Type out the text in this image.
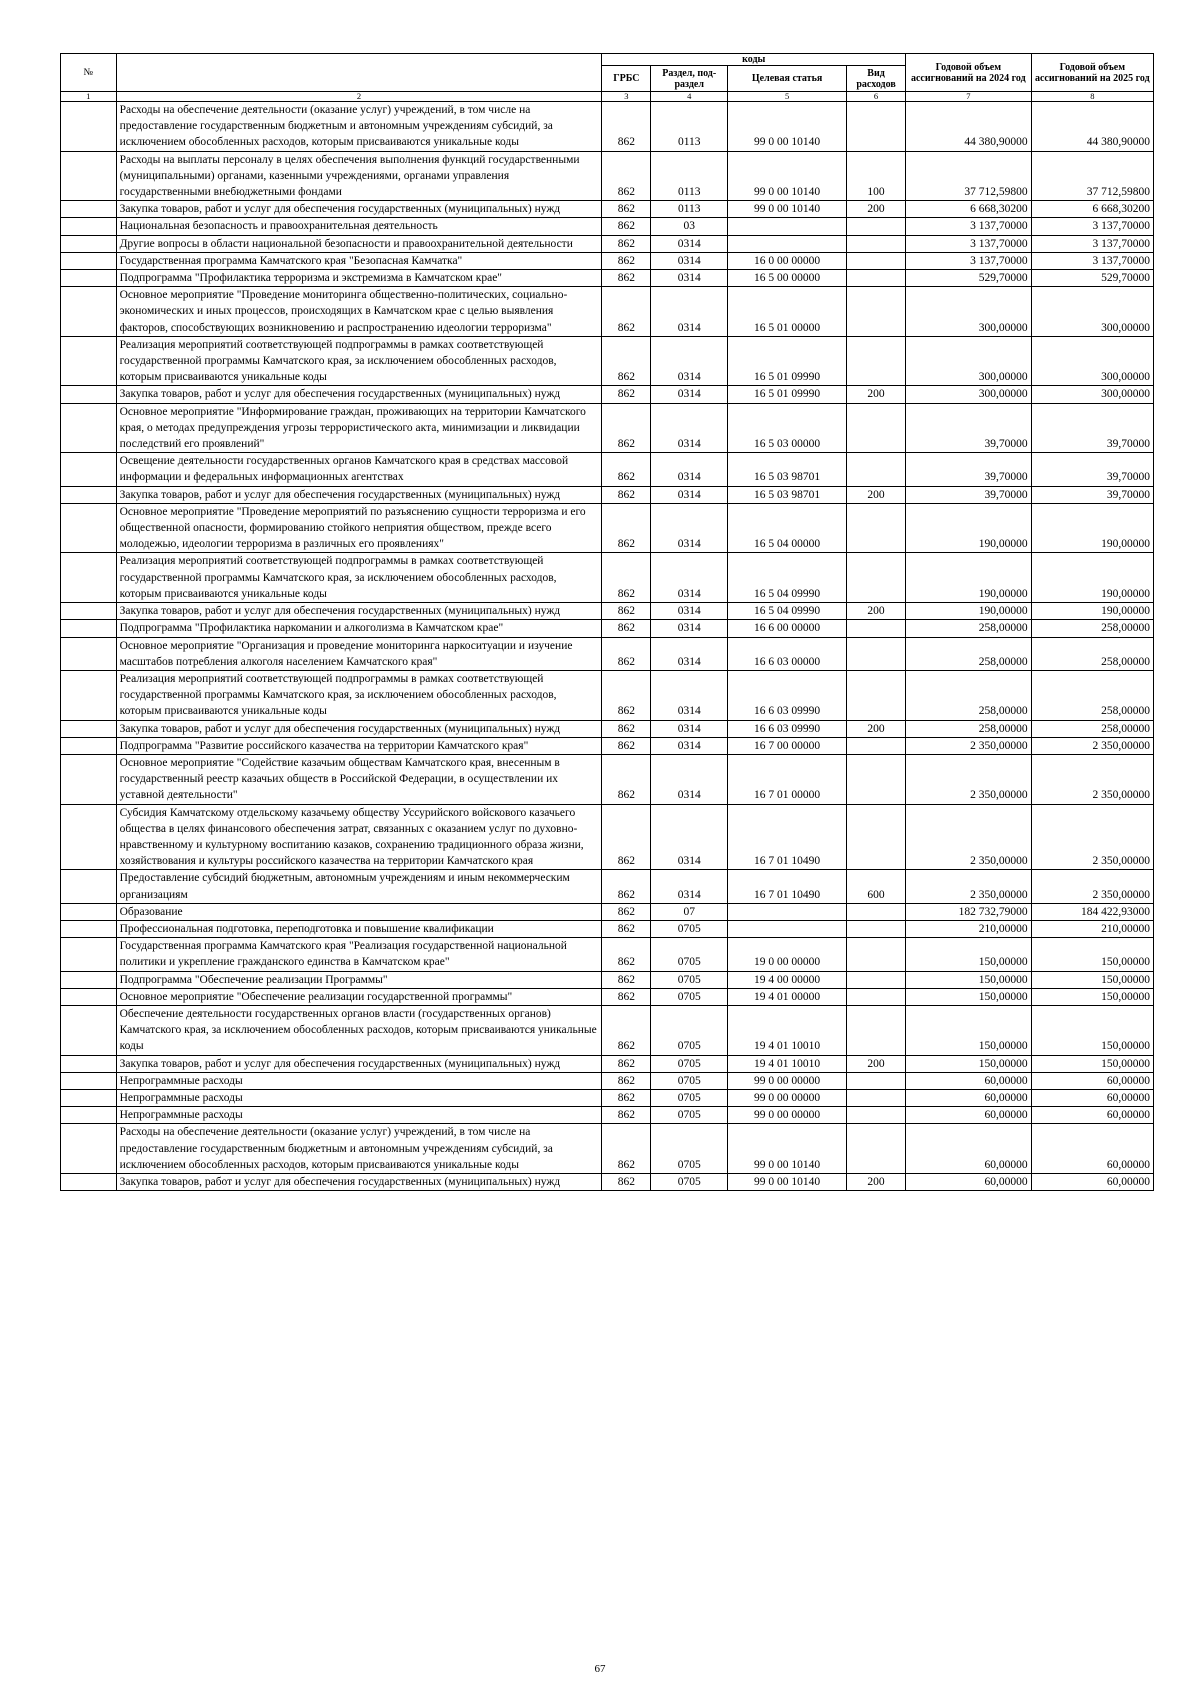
№		коды				Годовой объем ассигнований на 2024 год	Годовой объем ассигнований на 2025 год
		ГРБС	Раздел, под-раздел	Целевая статья	Вид расходов		
1	2	3	4	5	6	7	8
	Расходы на обеспечение деятельности (оказание услуг) учреждений, в том числе на предоставление государственным бюджетным и автономным учреждениям субсидий, за исключением обособленных расходов, которым присваиваются уникальные коды	862	0113	99 0 00 10140		44 380,90000	44 380,90000
	Расходы на выплаты персоналу в целях обеспечения выполнения функций государственными (муниципальными) органами, казенными учреждениями, органами управления государственными внебюджетными фондами	862	0113	99 0 00 10140	100	37 712,59800	37 712,59800
	Закупка товаров, работ и услуг для обеспечения государственных (муниципальных) нужд	862	0113	99 0 00 10140	200	6 668,30200	6 668,30200
	Национальная безопасность и правоохранительная деятельность	862	03			3 137,70000	3 137,70000
	Другие вопросы в области национальной безопасности и правоохранительной деятельности	862	0314			3 137,70000	3 137,70000
	Государственная программа Камчатского края "Безопасная Камчатка"	862	0314	16 0 00 00000		3 137,70000	3 137,70000
	Подпрограмма "Профилактика терроризма и экстремизма в Камчатском крае"	862	0314	16 5 00 00000		529,70000	529,70000
	Основное мероприятие "Проведение мониторинга общественно-политических, социально-экономических и иных процессов, происходящих в Камчатском крае с целью выявления факторов, способствующих возникновению и распространению идеологии терроризма"	862	0314	16 5 01 00000		300,00000	300,00000
	Реализация мероприятий соответствующей подпрограммы в рамках соответствующей государственной программы Камчатского края, за исключением обособленных расходов, которым присваиваются уникальные коды	862	0314	16 5 01 09990		300,00000	300,00000
	Закупка товаров, работ и услуг для обеспечения государственных (муниципальных) нужд	862	0314	16 5 01 09990	200	300,00000	300,00000
	Основное мероприятие "Информирование граждан, проживающих на территории Камчатского края, о методах предупреждения угрозы террористического акта, минимизации и ликвидации последствий его проявлений"	862	0314	16 5 03 00000		39,70000	39,70000
	Освещение деятельности государственных органов Камчатского края в средствах массовой информации и федеральных информационных агентствах	862	0314	16 5 03 98701		39,70000	39,70000
	Закупка товаров, работ и услуг для обеспечения государственных (муниципальных) нужд	862	0314	16 5 03 98701	200	39,70000	39,70000
	Основное мероприятие "Проведение мероприятий по разъяснению сущности терроризма и его общественной опасности, формированию стойкого неприятия обществом, прежде всего молодежью, идеологии терроризма в различных его проявлениях"	862	0314	16 5 04 00000		190,00000	190,00000
	Реализация мероприятий соответствующей подпрограммы в рамках соответствующей государственной программы Камчатского края, за исключением обособленных расходов, которым присваиваются уникальные коды	862	0314	16 5 04 09990		190,00000	190,00000
	Закупка товаров, работ и услуг для обеспечения государственных (муниципальных) нужд	862	0314	16 5 04 09990	200	190,00000	190,00000
	Подпрограмма "Профилактика наркомании и алкоголизма в Камчатском крае"	862	0314	16 6 00 00000		258,00000	258,00000
	Основное мероприятие "Организация и проведение мониторинга наркоситуации и изучение масштабов потребления алкоголя населением Камчатского края"	862	0314	16 6 03 00000		258,00000	258,00000
	Реализация мероприятий соответствующей подпрограммы в рамках соответствующей государственной программы Камчатского края, за исключением обособленных расходов, которым присваиваются уникальные коды	862	0314	16 6 03 09990		258,00000	258,00000
	Закупка товаров, работ и услуг для обеспечения государственных (муниципальных) нужд	862	0314	16 6 03 09990	200	258,00000	258,00000
	Подпрограмма "Развитие российского казачества на территории Камчатского края"	862	0314	16 7 00 00000		2 350,00000	2 350,00000
	Основное мероприятие "Содействие казачьим обществам Камчатского края, внесенным в государственный реестр казачьих обществ в Российской Федерации, в осуществлении их уставной деятельности"	862	0314	16 7 01 00000		2 350,00000	2 350,00000
	Субсидия Камчатскому отдельскому казачьему обществу Уссурийского войскового казачьего общества в целях финансового обеспечения затрат, связанных с оказанием услуг по духовно-нравственному и культурному воспитанию казаков, сохранению традиционного образа жизни, хозяйствования и культуры российского казачества на территории Камчатского края	862	0314	16 7 01 10490		2 350,00000	2 350,00000
	Предоставление субсидий бюджетным, автономным учреждениям и иным некоммерческим организациям	862	0314	16 7 01 10490	600	2 350,00000	2 350,00000
	Образование	862	07			182 732,79000	184 422,93000
	Профессиональная подготовка, переподготовка и повышение квалификации	862	0705			210,00000	210,00000
	Государственная программа Камчатского края "Реализация государственной национальной политики и укрепление гражданского единства в Камчатском крае"	862	0705	19 0 00 00000		150,00000	150,00000
	Подпрограмма "Обеспечение реализации Программы"	862	0705	19 4 00 00000		150,00000	150,00000
	Основное мероприятие "Обеспечение реализации государственной программы"	862	0705	19 4 01 00000		150,00000	150,00000
	Обеспечение деятельности государственных органов власти (государственных органов) Камчатского края, за исключением обособленных расходов, которым присваиваются уникальные коды	862	0705	19 4 01 10010		150,00000	150,00000
	Закупка товаров, работ и услуг для обеспечения государственных (муниципальных) нужд	862	0705	19 4 01 10010	200	150,00000	150,00000
	Непрограммные расходы	862	0705	99 0 00 00000		60,00000	60,00000
	Непрограммные расходы	862	0705	99 0 00 00000		60,00000	60,00000
	Непрограммные расходы	862	0705	99 0 00 00000		60,00000	60,00000
	Расходы на обеспечение деятельности (оказание услуг) учреждений, в том числе на предоставление государственным бюджетным и автономным учреждениям субсидий, за исключением обособленных расходов, которым присваиваются уникальные коды	862	0705	99 0 00 10140		60,00000	60,00000
	Закупка товаров, работ и услуг для обеспечения государственных (муниципальных) нужд	862	0705	99 0 00 10140	200	60,00000	60,00000
67
